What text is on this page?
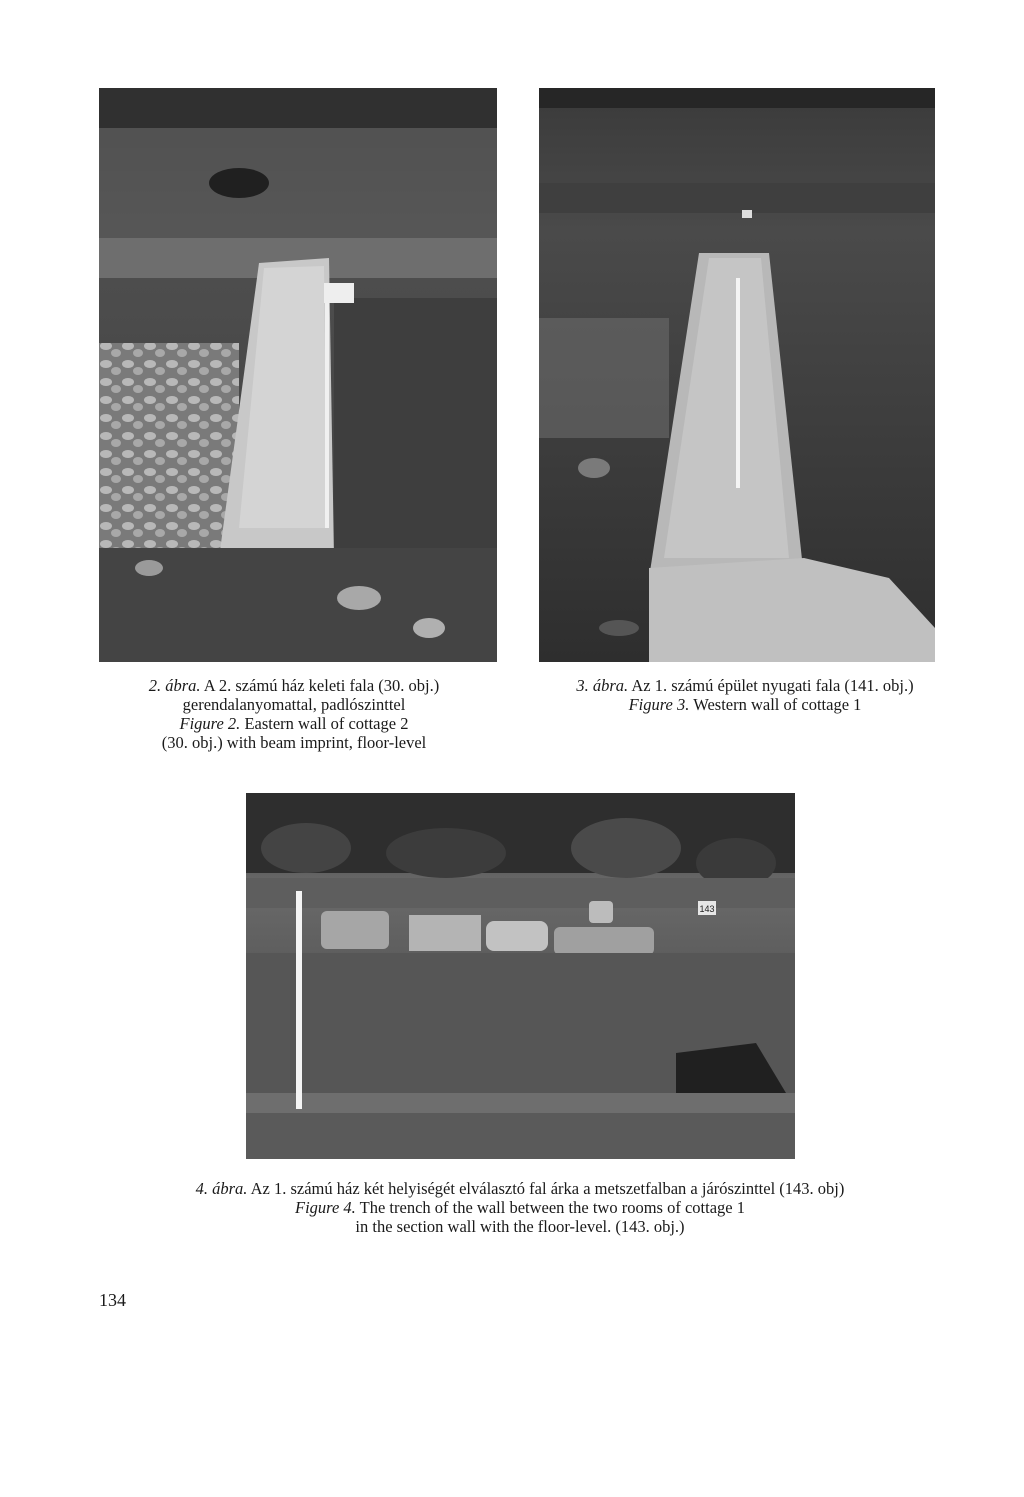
2. ábra. A 2. számú ház keleti fala (30. obj.) gerendalanyomattal, padlószinttel
Figure 2. Eastern wall of cottage 2
(30. obj.) with beam imprint, floor-level
3. ábra. Az 1. számú épület nyugati fala (141. obj.)
Figure 3. Western wall of cottage 1
143
4. ábra. Az 1. számú ház két helyiségét elválasztó fal árka a metszetfalban a járószinttel (143. obj)
Figure 4. The trench of the wall between the two rooms of cottage 1
in the section wall with the floor-level. (143. obj.)
134
